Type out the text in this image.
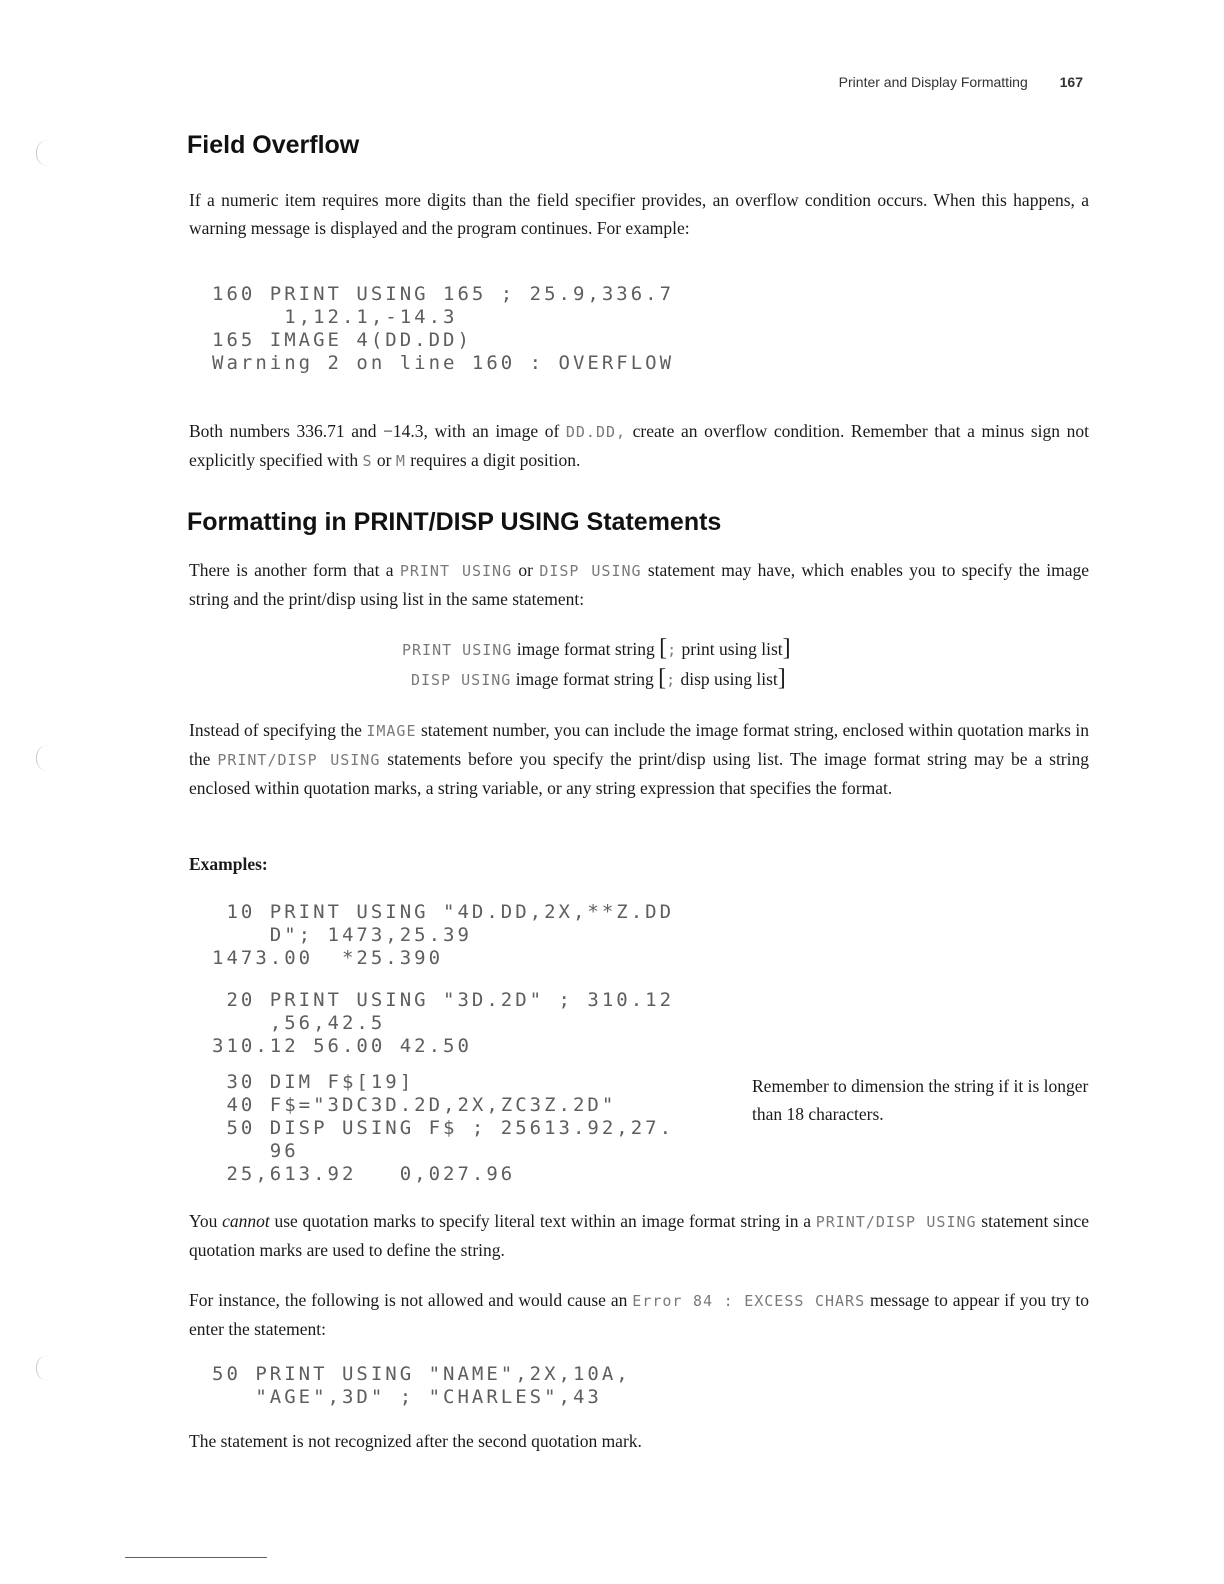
Printer and Display Formatting 167
Field Overflow
If a numeric item requires more digits than the field specifier provides, an overflow condition occurs. When this happens, a warning message is displayed and the program continues. For example:
160 PRINT USING 165 ; 25.9,336.7
1,12.1,-14.3
165 IMAGE 4(DD.DD)
Warning 2 on line 160 : OVERFLOW
Both numbers 336.71 and −14.3, with an image of DD.DD, create an overflow condition. Remember that a minus sign not explicitly specified with S or M requires a digit position.
Formatting in PRINT/DISP USING Statements
There is another form that a PRINT USING or DISP USING statement may have, which enables you to specify the image string and the print/disp using list in the same statement:
PRINT USING image format string [; print using list]
DISP USING image format string [; disp using list]
Instead of specifying the IMAGE statement number, you can include the image format string, enclosed within quotation marks in the PRINT/DISP USING statements before you specify the print/disp using list. The image format string may be a string enclosed within quotation marks, a string variable, or any string expression that specifies the format.
Examples:
10 PRINT USING "4D.DD,2X,**Z.DD
D"; 1473,25.39
1473.00  *25.390
20 PRINT USING "3D.2D" ; 310.12
,56,42.5
310.12 56.00 42.50
30 DIM F$[19]
40 F$="3DC3D.2D,2X,ZC3Z.2D"
50 DISP USING F$ ; 25613.92,27.
96
25,613.92   0,027.96
Remember to dimension the string if it is longer than 18 characters.
You cannot use quotation marks to specify literal text within an image format string in a PRINT/DISP USING statement since quotation marks are used to define the string.
For instance, the following is not allowed and would cause an Error 84 : EXCESS CHARS message to appear if you try to enter the statement:
50 PRINT USING "NAME",2X,10A,
"AGE",3D" ; "CHARLES",43
The statement is not recognized after the second quotation mark.
